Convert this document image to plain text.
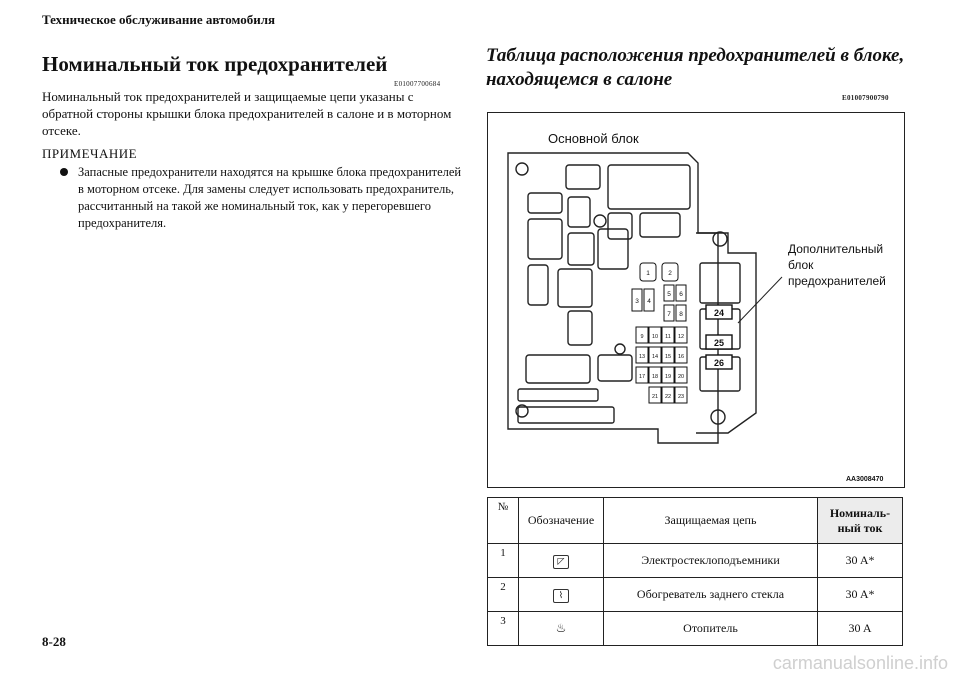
Техническое обслуживание автомобиля
Номинальный ток предохранителей
E01007700684
Номинальный ток предохранителей и защищаемые цепи указаны с обратной стороны крышки блока предохранителей в салоне и в моторном отсеке.
ПРИМЕЧАНИЕ
Запасные предохранители находятся на крышке блока предохранителей в моторном отсеке. Для замены следует использовать предохранитель, рассчитанный на такой же номинальный ток, как у перегоревшего предохранителя.
8-28
Таблица расположения предохранителей в блоке, находящемся в салоне
E01007900790
1	2
3 4
5 6
7 8
9 10 11 12
13 14 15 16
17 18 19 20
21 22 23
24
25
26
Основной блок
Дополнительный
блок
предохранителей
AA3008470
№	Обозначение	Защищаемая цепь	Номиналь-
ный ток

1	◸	Электростеклоподъемники	30 A*
2	⌇	Обогреватель заднего стекла	30 A*
3	♨	Отопитель	30 A
carmanualsonline.info
